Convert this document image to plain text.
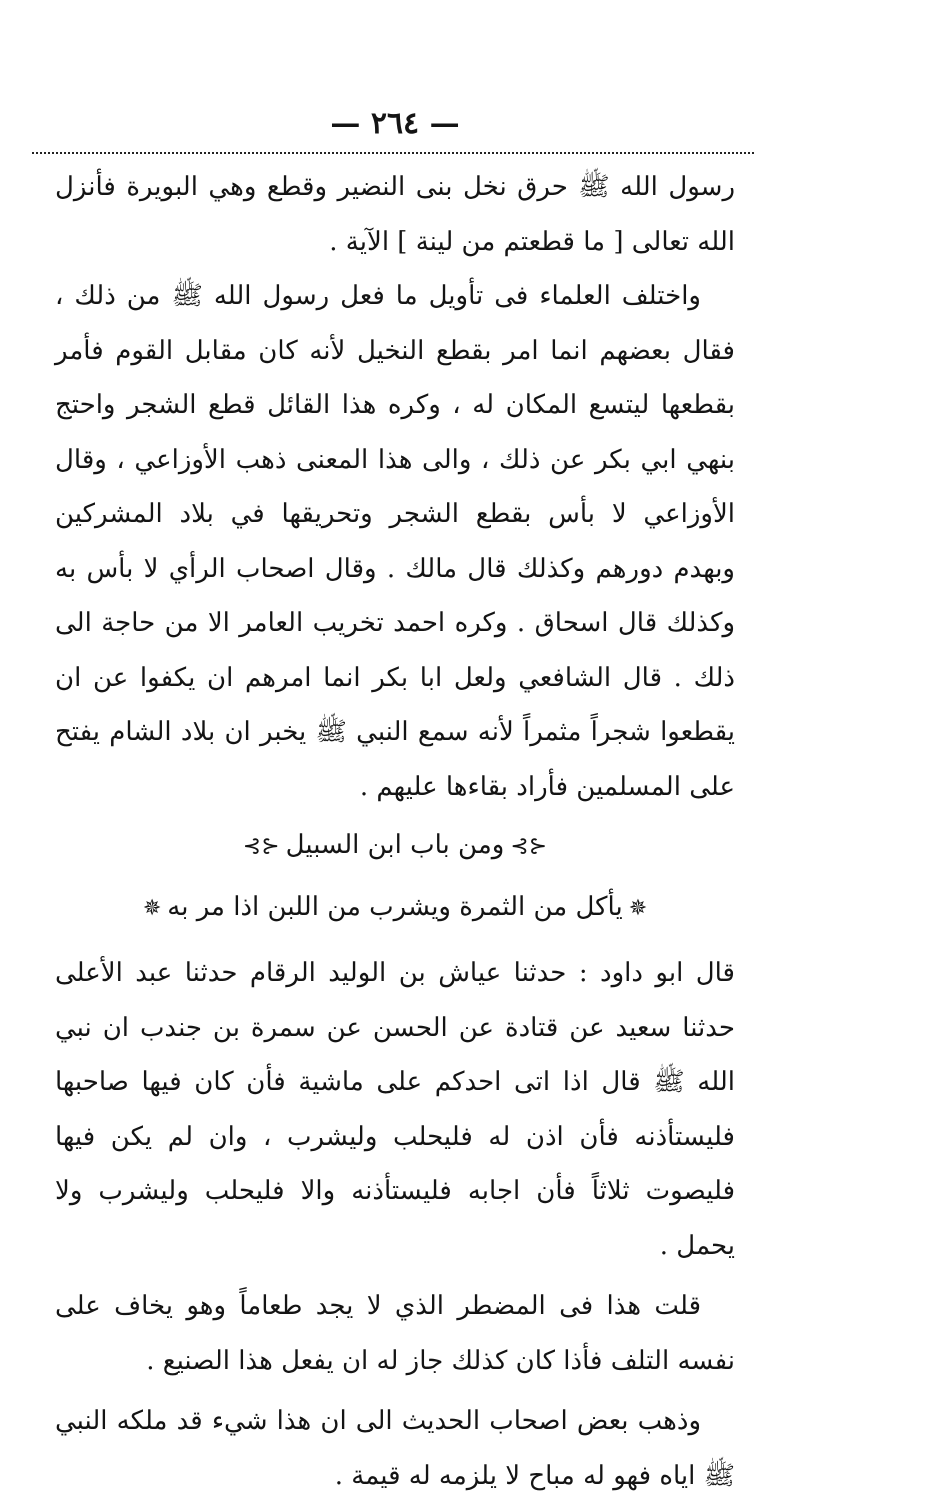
— ٢٦٤ —

رسول الله ﷺ حرق نخل بنى النضير وقطع وهي البويرة فأنزل الله تعالى [ ما قطعتم من لينة ] الآية .

واختلف العلماء فى تأويل ما فعل رسول الله ﷺ من ذلك ، فقال بعضهم انما امر بقطع النخيل لأنه كان مقابل القوم فأمر بقطعها ليتسع المكان له ، وكره هذا القائل قطع الشجر واحتج بنهي ابي بكر عن ذلك ، والى هذا المعنى ذهب الأوزاعي ، وقال الأوزاعي لا بأس بقطع الشجر وتحريقها في بلاد المشركين وبهدم دورهم وكذلك قال مالك . وقال اصحاب الرأي لا بأس به وكذلك قال اسحاق . وكره احمد تخريب العامر الا من حاجة الى ذلك . قال الشافعي ولعل ابا بكر انما امرهم ان يكفوا عن ان يقطعوا شجراً مثمراً لأنه سمع النبي ﷺ يخبر ان بلاد الشام يفتح على المسلمين فأراد بقاءها عليهم .

⊰⊱ومن باب ابن السبيل⊰⊱

✵يأكل من الثمرة ويشرب من اللبن اذا مر به✵

قال ابو داود : حدثنا عياش بن الوليد الرقام حدثنا عبد الأعلى حدثنا سعيد عن قتادة عن الحسن عن سمرة بن جندب ان نبي الله ﷺ قال اذا اتى احدكم على ماشية فأن كان فيها صاحبها فليستأذنه فأن اذن له فليحلب وليشرب ، وان لم يكن فيها فليصوت ثلاثاً فأن اجابه فليستأذنه والا فليحلب وليشرب ولا يحمل .

قلت هذا فى المضطر الذي لا يجد طعاماً وهو يخاف على نفسه التلف فأذا كان كذلك جاز له ان يفعل هذا الصنيع .

وذهب بعض اصحاب الحديث الى ان هذا شيء قد ملكه النبي ﷺ اياه فهو له مباح لا يلزمه له قيمة .
